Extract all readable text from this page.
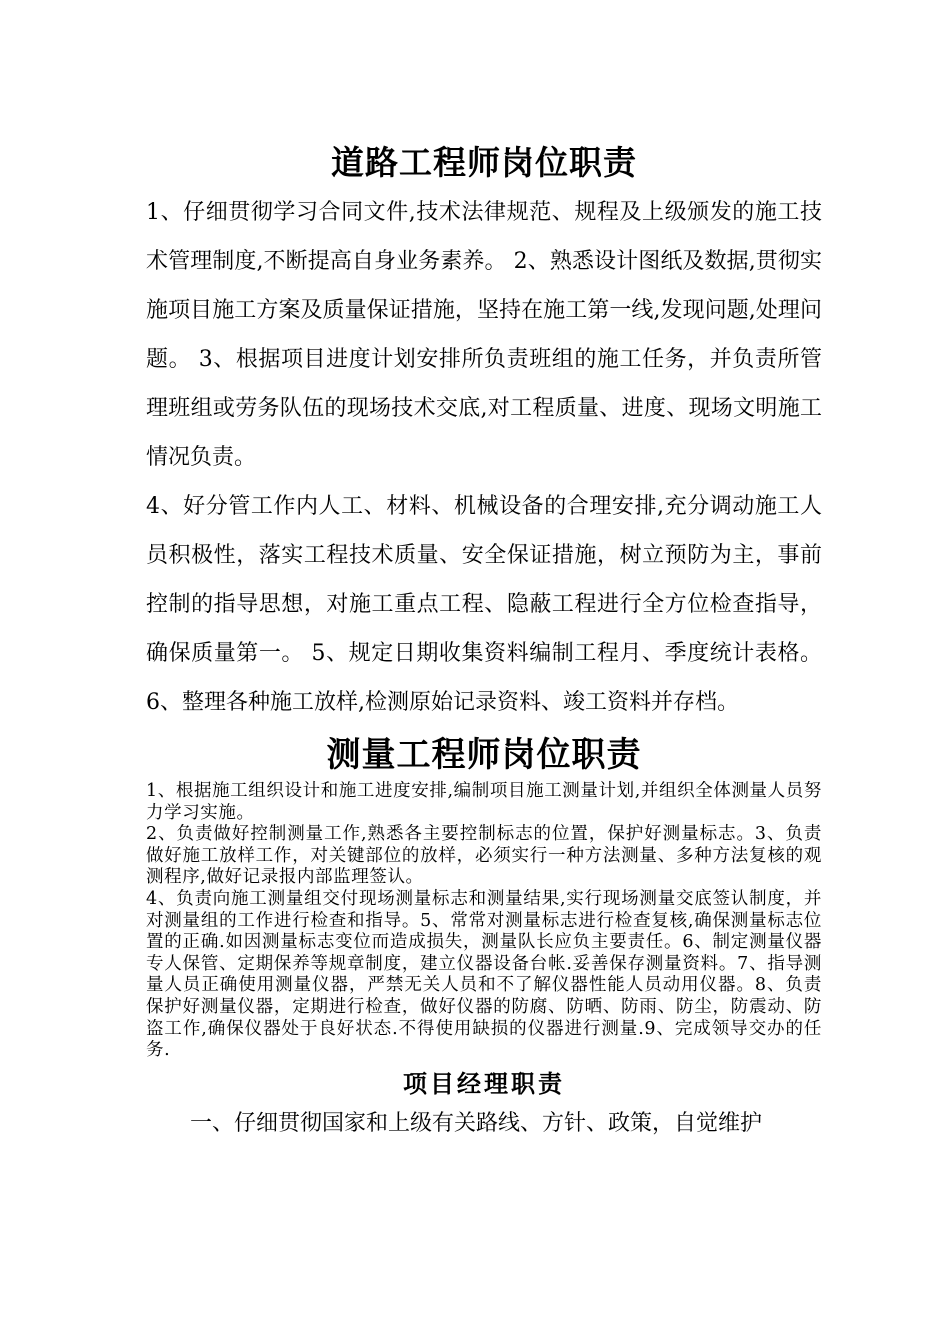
道路工程师岗位职责

1、仔细贯彻学习合同文件,技术法律规范、规程及上级颁发的施工技术管理制度,不断提高自身业务素养。 2、熟悉设计图纸及数据,贯彻实施项目施工方案及质量保证措施，坚持在施工第一线,发现问题,处理问题。 3、根据项目进度计划安排所负责班组的施工任务，并负责所管理班组或劳务队伍的现场技术交底,对工程质量、进度、现场文明施工情况负责。

4、好分管工作内人工、材料、机械设备的合理安排,充分调动施工人员积极性，落实工程技术质量、安全保证措施，树立预防为主，事前控制的指导思想，对施工重点工程、隐蔽工程进行全方位检查指导，确保质量第一。 5、规定日期收集资料编制工程月、季度统计表格。 6、整理各种施工放样,检测原始记录资料、竣工资料并存档。

测量工程师岗位职责

1、根据施工组织设计和施工进度安排,编制项目施工测量计划,并组织全体测量人员努力学习实施。

2、负责做好控制测量工作,熟悉各主要控制标志的位置，保护好测量标志。3、负责做好施工放样工作，对关键部位的放样，必须实行一种方法测量、多种方法复核的观测程序,做好记录报内部监理签认。

4、负责向施工测量组交付现场测量标志和测量结果,实行现场测量交底签认制度，并对测量组的工作进行检查和指导。5、常常对测量标志进行检查复核,确保测量标志位置的正确.如因测量标志变位而造成损失，测量队长应负主要责任。6、制定测量仪器专人保管、定期保养等规章制度，建立仪器设备台帐.妥善保存测量资料。7、指导测量人员正确使用测量仪器，严禁无关人员和不了解仪器性能人员动用仪器。8、负责保护好测量仪器，定期进行检查，做好仪器的防腐、防晒、防雨、防尘，防震动、防盗工作,确保仪器处于良好状态.不得使用缺损的仪器进行测量.9、完成领导交办的任务.

项目经理职责

一、仔细贯彻国家和上级有关路线、方针、政策，自觉维护
